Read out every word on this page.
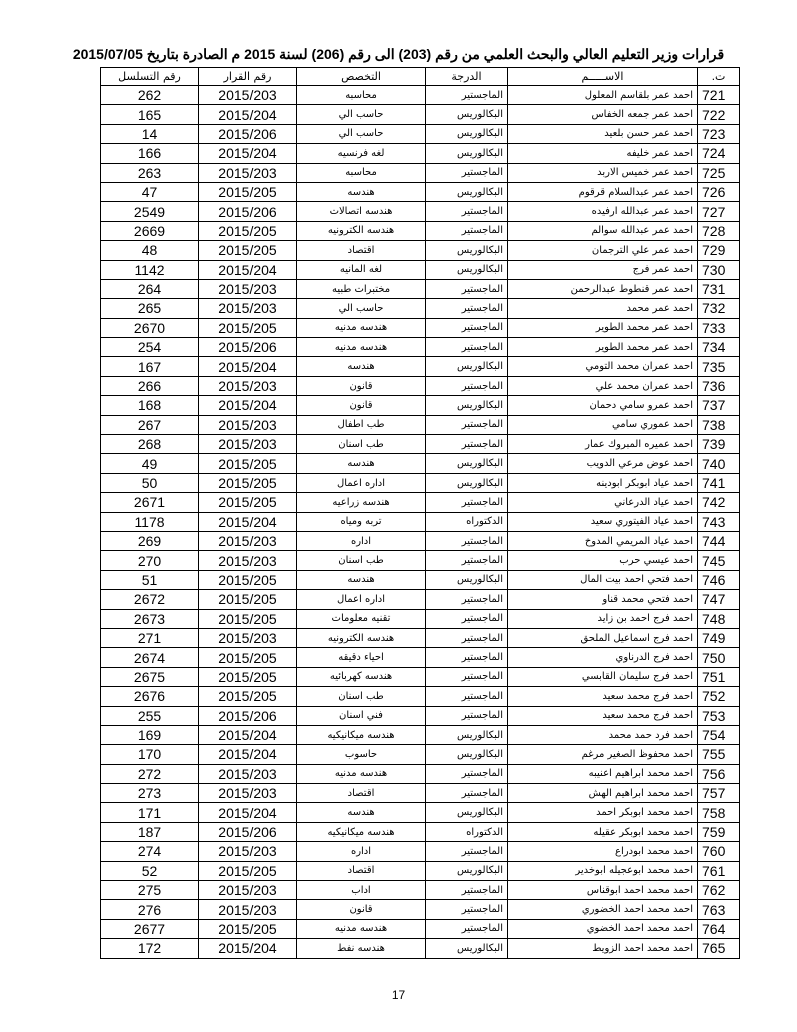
قرارات وزير التعليم العالي والبحث العلمي من رقم (203) الى رقم (206) لسنة 2015 م الصادرة بتاريخ 2015/07/05
ت.	الاســـــم	الدرجة	التخصص	رقم القرار	رقم التسلسل
721	احمد عمر بلقاسم المعلول	الماجستير	محاسبه	2015/203	262
722	احمد عمر جمعه الخفاس	البكالوريس	حاسب الي	2015/204	165
723	احمد عمر حسن بلعيد	البكالوريس	حاسب الي	2015/206	14
724	احمد عمر خليفه	البكالوريس	لغه فرنسيه	2015/204	166
725	احمد عمر خميس الاربد	الماجستير	محاسبه	2015/203	263
726	احمد عمر عبدالسلام قرقوم	البكالوريس	هندسه	2015/205	47
727	احمد عمر عبدالله ارفيده	الماجستير	هندسه اتصالات	2015/206	2549
728	احمد عمر عبدالله سوالم	الماجستير	هندسه الكترونيه	2015/205	2669
729	احمد عمر علي الترجمان	البكالوريس	اقتصاد	2015/205	48
730	احمد عمر فرج	البكالوريس	لغه المانيه	2015/204	1142
731	احمد عمر قنطوط عبدالرحمن	الماجستير	مختبرات طبيه	2015/203	264
732	احمد عمر محمد	الماجستير	حاسب الي	2015/203	265
733	احمد عمر محمد الطوير	الماجستير	هندسه مدنيه	2015/205	2670
734	احمد عمر محمد الطوير	الماجستير	هندسه مدنيه	2015/206	254
735	احمد عمران محمد التومي	البكالوريس	هندسه	2015/204	167
736	احمد عمران محمد علي	الماجستير	قانون	2015/203	266
737	احمد عمرو سامي دحمان	البكالوريس	قانون	2015/204	168
738	احمد عموري سامي	الماجستير	طب اطفال	2015/203	267
739	احمد عميره المبروك عمار	الماجستير	طب اسنان	2015/203	268
740	احمد عوض مرعي الدويب	البكالوريس	هندسه	2015/205	49
741	احمد عياد ابوبكر ابودينه	البكالوريس	اداره اعمال	2015/205	50
742	احمد عياد الدرعاني	الماجستير	هندسه زراعيه	2015/205	2671
743	احمد عياد الفيتوري سعيد	الدكتوراه	تربه ومياه	2015/204	1178
744	احمد عياد المريمي المدوخ	الماجستير	اداره	2015/203	269
745	احمد عيسي حرب	الماجستير	طب اسنان	2015/203	270
746	احمد فتحي احمد بيت المال	البكالوريس	هندسه	2015/205	51
747	احمد فتحي محمد قناو	الماجستير	اداره اعمال	2015/205	2672
748	احمد فرج احمد بن زايد	الماجستير	تقنيه معلومات	2015/205	2673
749	احمد فرج اسماعيل الملحق	الماجستير	هندسه الكترونيه	2015/203	271
750	احمد فرج الدرناوي	الماجستير	احياء دقيقه	2015/205	2674
751	احمد فرج سليمان القابسي	الماجستير	هندسه كهربائيه	2015/205	2675
752	احمد فرج محمد سعيد	الماجستير	طب اسنان	2015/205	2676
753	احمد فرج محمد سعيد	الماجستير	فني اسنان	2015/206	255
754	احمد فرد حمد محمد	البكالوريس	هندسه ميكانيكيه	2015/204	169
755	احمد محفوظ الصغير مرغم	البكالوريس	حاسوب	2015/204	170
756	احمد محمد ابراهيم اعنيبه	الماجستير	هندسه مدنيه	2015/203	272
757	احمد محمد ابراهيم الهش	الماجستير	اقتصاد	2015/203	273
758	احمد محمد ابوبكر احمد	البكالوريس	هندسه	2015/204	171
759	احمد محمد ابوبكر عقيله	الدكتوراه	هندسه ميكانيكيه	2015/206	187
760	احمد محمد ابودراع	الماجستير	اداره	2015/203	274
761	احمد محمد ابوعجيله ابوخدير	البكالوريس	اقتصاد	2015/205	52
762	احمد محمد احمد ابوقناس	الماجستير	اداب	2015/203	275
763	احمد محمد احمد الخضوري	الماجستير	قانون	2015/203	276
764	احمد محمد احمد الخضوي	الماجستير	هندسه مدنيه	2015/205	2677
765	احمد محمد احمد الزويط	البكالوريس	هندسه نفط	2015/204	172
17
